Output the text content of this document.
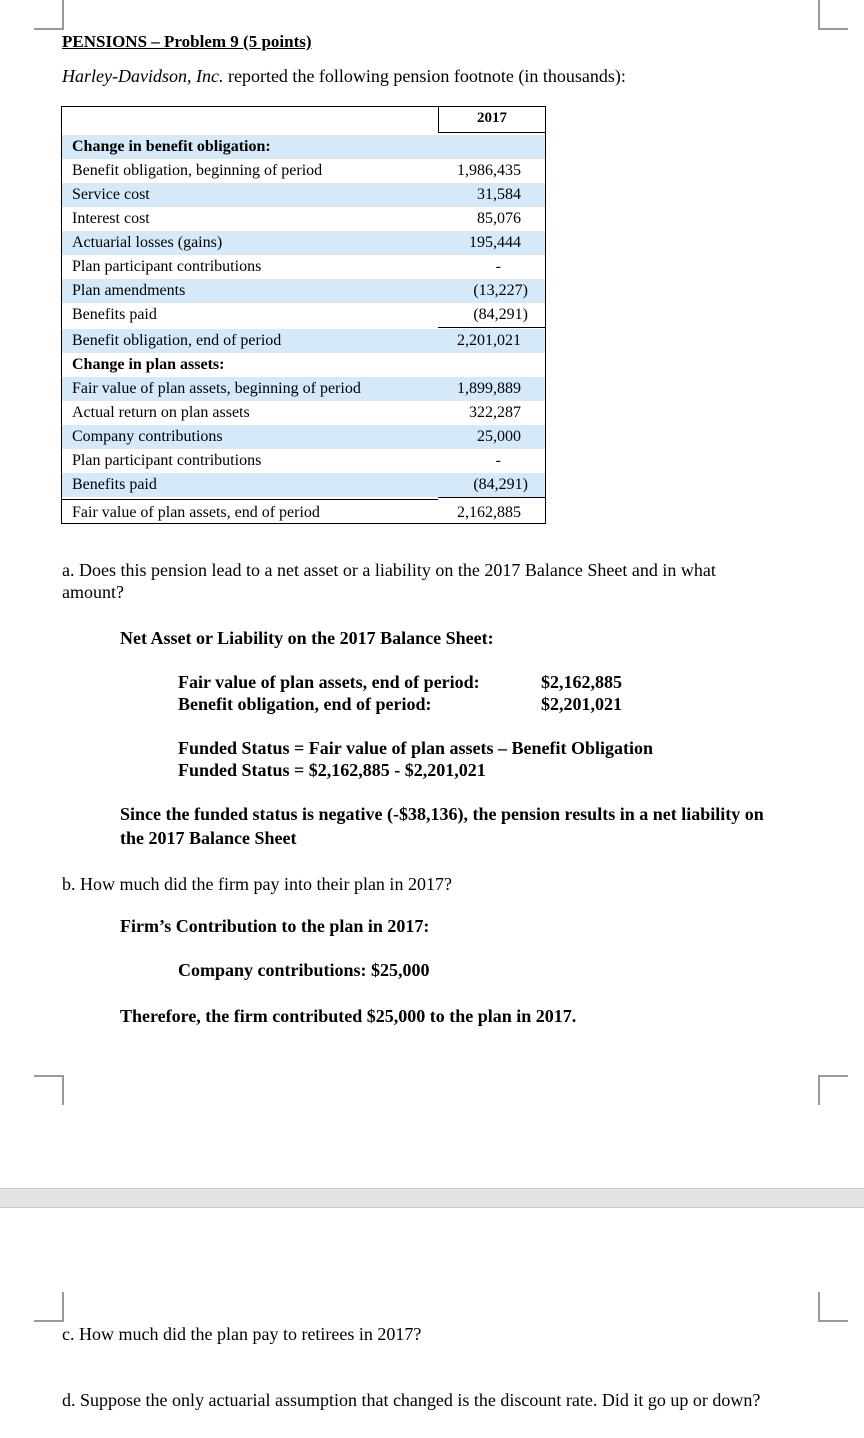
PENSIONS – Problem 9 (5 points)
Harley-Davidson, Inc. reported the following pension footnote (in thousands):
2017
Change in benefit obligation:
Benefit obligation, beginning of period	1,986,435
Service cost	31,584
Interest cost	85,076
Actuarial losses (gains)	195,444
Plan participant contributions	-
Plan amendments	(13,227)
Benefits paid	(84,291)
Benefit obligation, end of period	2,201,021
Change in plan assets:
Fair value of plan assets, beginning of period	1,899,889
Actual return on plan assets	322,287
Company contributions	25,000
Plan participant contributions	-
Benefits paid	(84,291)
Fair value of plan assets, end of period	2,162,885
a. Does this pension lead to a net asset or a liability on the 2017 Balance Sheet and in what
amount?
Net Asset or Liability on the 2017 Balance Sheet:
Fair value of plan assets, end of period:	$2,162,885
Benefit obligation, end of period:	$2,201,021
Funded Status = Fair value of plan assets – Benefit Obligation
Funded Status = $2,162,885 - $2,201,021
Since the funded status is negative (-$38,136), the pension results in a net liability on
the 2017 Balance Sheet
b. How much did the firm pay into their plan in 2017?
Firm’s Contribution to the plan in 2017:
Company contributions: $25,000
Therefore, the firm contributed $25,000 to the plan in 2017.
c. How much did the plan pay to retirees in 2017?
d. Suppose the only actuarial assumption that changed is the discount rate. Did it go up or down?
